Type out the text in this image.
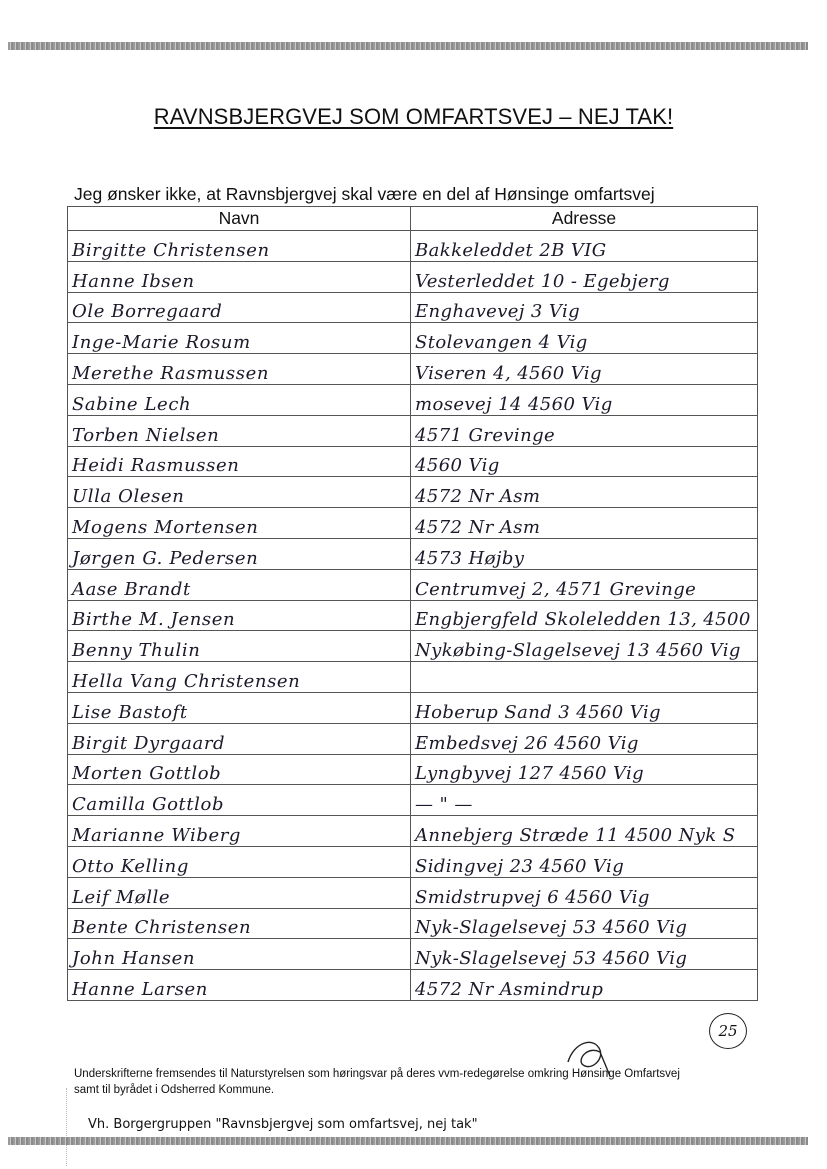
RAVNSBJERGVEJ SOM OMFARTSVEJ – NEJ TAK!
Jeg ønsker ikke, at Ravnsbjergvej skal være en del af Hønsinge omfartsvej
Navn	Adresse
Birgitte Christensen	Bakkeleddet 2B VIG
Hanne Ibsen	Vesterleddet 10 - Egebjerg
Ole Borregaard	Enghavevej 3 Vig
Inge-Marie Rosum	Stolevangen 4 Vig
Merethe Rasmussen	Viseren 4, 4560 Vig
Sabine Lech	mosevej 14 4560 Vig
Torben Nielsen	4571 Grevinge
Heidi Rasmussen	4560 Vig
Ulla Olesen	4572 Nr Asm
Mogens Mortensen	4572 Nr Asm
Jørgen G. Pedersen	4573 Højby
Aase Brandt	Centrumvej 2, 4571 Grevinge
Birthe M. Jensen	Engbjergfeld Skoleledden 13, 4500
Benny Thulin	Nykøbing-Slagelsevej 13 4560 Vig
Hella Vang Christensen	
Lise Bastoft	Hoberup Sand 3 4560 Vig
Birgit Dyrgaard	Embedsvej 26 4560 Vig
Morten Gottlob	Lyngbyvej 127 4560 Vig
Camilla Gottlob	— " —
Marianne Wiberg	Annebjerg Stræde 11 4500 Nyk S
Otto Kelling	Sidingvej 23 4560 Vig
Leif Mølle	Smidstrupvej 6 4560 Vig
Bente Christensen	Nyk-Slagelsevej 53 4560 Vig
John Hansen	Nyk-Slagelsevej 53 4560 Vig
Hanne Larsen	4572 Nr Asmindrup
25
Underskrifterne fremsendes til Naturstyrelsen som høringsvar på deres vvm-redegørelse omkring Hønsinge Omfartsvej
samt til byrådet i Odsherred Kommune.
Vh. Borgergruppen "Ravnsbjergvej som omfartsvej, nej tak"
